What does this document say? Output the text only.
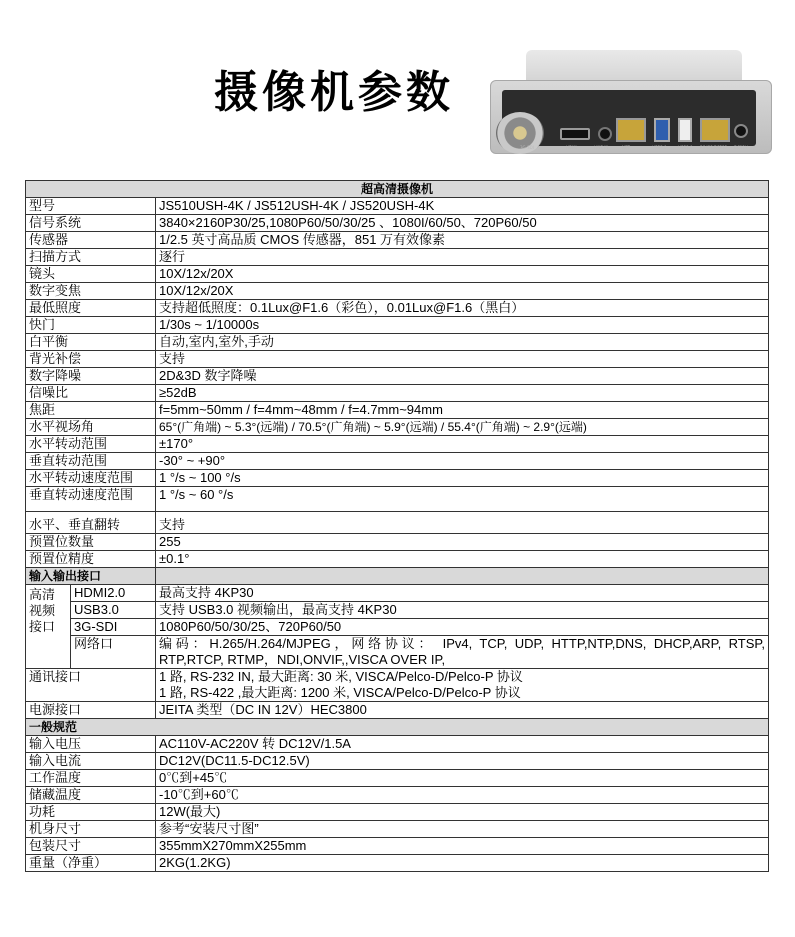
摄像机参数
3G-SDI	HDMI	LINE IN	NET	USB3.0	USB2.0 RS422/RS232 DC12V
超高清摄像机		
型号		JS510USH-4K / JS512USH-4K / JS520USH-4K
信号系统		3840×2160P30/25,1080P60/50/30/25 、1080I/60/50、720P60/50
传感器		1/2.5 英寸高品质 CMOS 传感器，851 万有效像素
扫描方式		逐行
镜头		10X/12x/20X
数字变焦		10X/12x/20X
最低照度		支持超低照度：0.1Lux@F1.6（彩色），0.01Lux@F1.6（黑白）
快门		1/30s ~ 1/10000s
白平衡		自动,室内,室外,手动
背光补偿		支持
数字降噪		2D&3D 数字降噪
信噪比		≥52dB
焦距		f=5mm~50mm / f=4mm~48mm / f=4.7mm~94mm
水平视场角		65°(广角端) ~ 5.3°(远端) / 70.5°(广角端) ~ 5.9°(远端) / 55.4°(广角端) ~ 2.9°(远端)
水平转动范围		±170°
垂直转动范围		-30° ~ +90°
水平转动速度范围		1 °/s ~ 100 °/s
垂直转动速度范围		1 °/s ~ 60 °/s
水平、垂直翻转		支持
预置位数量		255
预置位精度		±0.1°
输入输出接口		

高清
视频
接口	HDMI2.0	最高支持 4KP30
	USB3.0	支持 USB3.0 视频输出，最高支持 4KP30
	3G-SDI	1080P60/50/30/25、720P60/50
	网络口	编码：H.265/H.264/MJPEG，网络协议： IPv4, TCP, UDP, HTTP,NTP,DNS, DHCP,ARP, RTSP, RTP,RTCP, RTMP，NDI,ONVIF,,VISCA OVER IP,
通讯接口		1 路, RS-232 IN, 最大距离: 30 米, VISCA/Pelco-D/Pelco-P 协议
1 路, RS-422 ,最大距离: 1200 米, VISCA/Pelco-D/Pelco-P 协议

电源接口		JEITA 类型（DC IN 12V）HEC3800
一般规范		
输入电压		AC110V-AC220V 转 DC12V/1.5A
输入电流		DC12V(DC11.5-DC12.5V)
工作温度		0℃到+45℃
储藏温度		-10℃到+60℃
功耗		12W(最大)
机身尺寸		参考“安装尺寸图”
包装尺寸		355mmX270mmX255mm
重量（净重）		2KG(1.2KG)
